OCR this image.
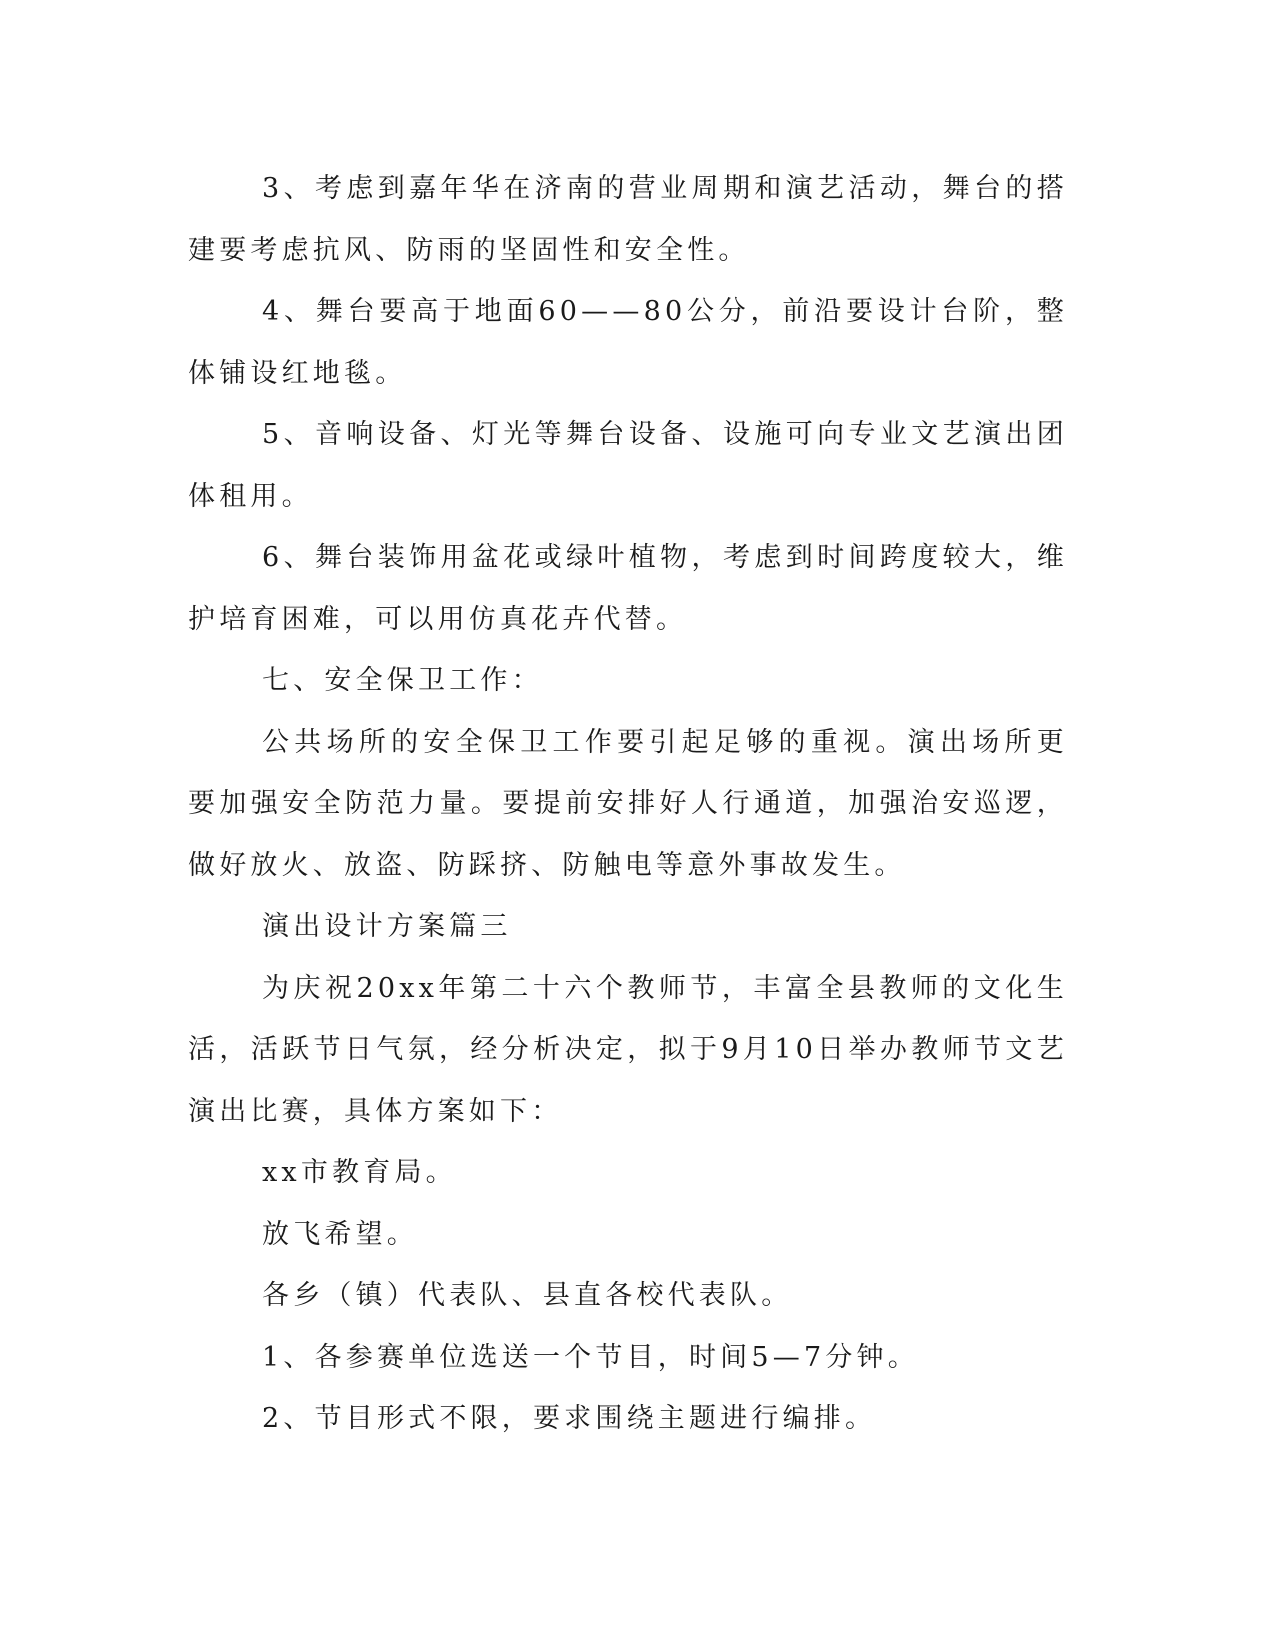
3、考虑到嘉年华在济南的营业周期和演艺活动，舞台的搭建要考虑抗风、防雨的坚固性和安全性。

4、舞台要高于地面60——80公分，前沿要设计台阶，整体铺设红地毯。

5、音响设备、灯光等舞台设备、设施可向专业文艺演出团体租用。

6、舞台装饰用盆花或绿叶植物，考虑到时间跨度较大，维护培育困难，可以用仿真花卉代替。

七、安全保卫工作：

公共场所的安全保卫工作要引起足够的重视。演出场所更要加强安全防范力量。要提前安排好人行通道，加强治安巡逻，做好放火、放盗、防踩挤、防触电等意外事故发生。

演出设计方案篇三

为庆祝20xx年第二十六个教师节，丰富全县教师的文化生活，活跃节日气氛，经分析决定，拟于9月10日举办教师节文艺演出比赛，具体方案如下：

xx市教育局。

放飞希望。

各乡（镇）代表队、县直各校代表队。

1、各参赛单位选送一个节目，时间5—7分钟。

2、节目形式不限，要求围绕主题进行编排。
